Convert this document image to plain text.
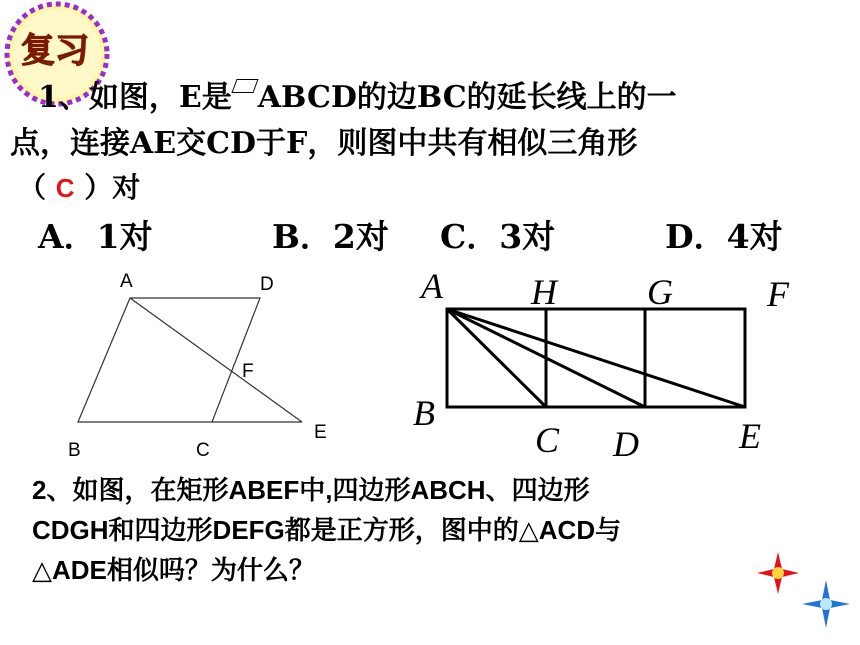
复习
1、如图，E是 ABCD的边BC的延长线上的一
点，连接AE交CD于F，则图中共有相似三角形
（ C ）对
A．1对	B．2对 C．3对	D．4对
A	D
F
B	C
E
A H	G	F
B
C D	E
2、如图，在矩形ABEF中,四边形ABCH、四边形
CDGH和四边形DEFG都是正方形，图中的△ACD与
△ADE相似吗？为什么？
